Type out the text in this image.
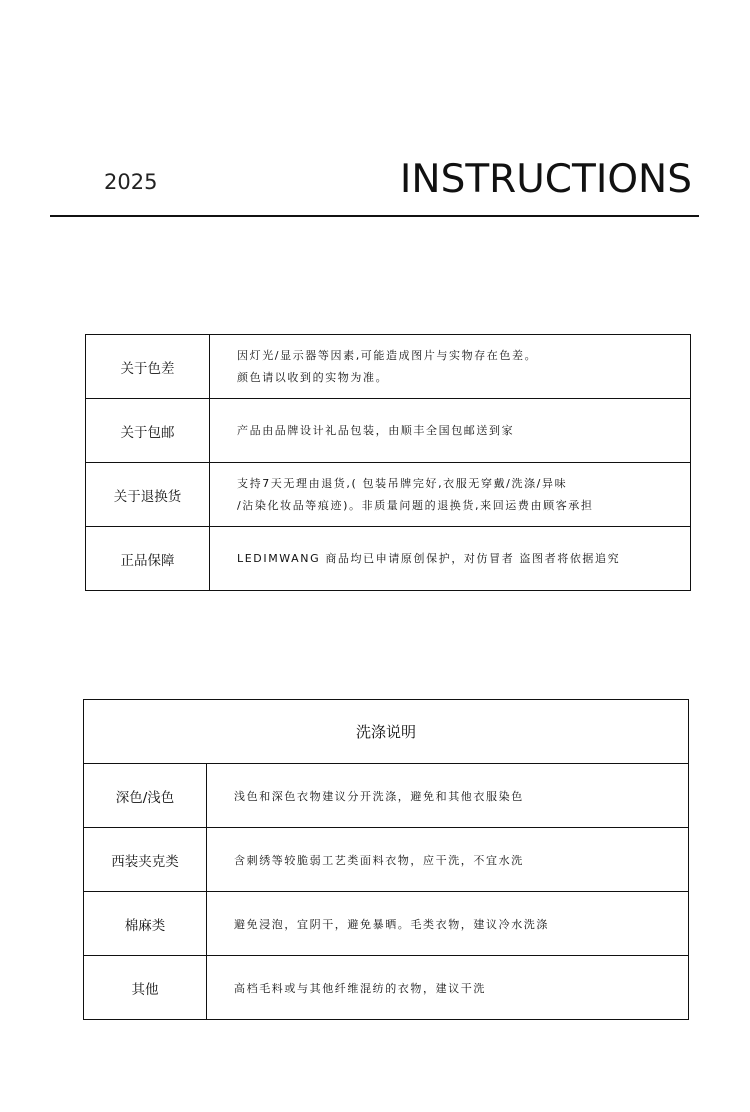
2025	INSTRUCTIONS
关于色差	因灯光/显示器等因素,可能造成图片与实物存在色差。
颜色请以收到的实物为准。

关于包邮	产品由品牌设计礼品包装，由顺丰全国包邮送到家

关于退换货	支持7天无理由退货,( 包装吊牌完好,衣服无穿戴/洗涤/异味
/沾染化妆品等痕迹)。非质量问题的退换货,来回运费由顾客承担

正品保障	LEDIMWANG 商品均已申请原创保护，对仿冒者 盗图者将依据追究
洗涤说明	
深色/浅色	浅色和深色衣物建议分开洗涤，避免和其他衣服染色
西装夹克类	含刺绣等较脆弱工艺类面料衣物，应干洗，不宜水洗
棉麻类	避免浸泡，宜阴干，避免暴晒。毛类衣物，建议冷水洗涤
其他	高档毛料或与其他纤维混纺的衣物，建议干洗
